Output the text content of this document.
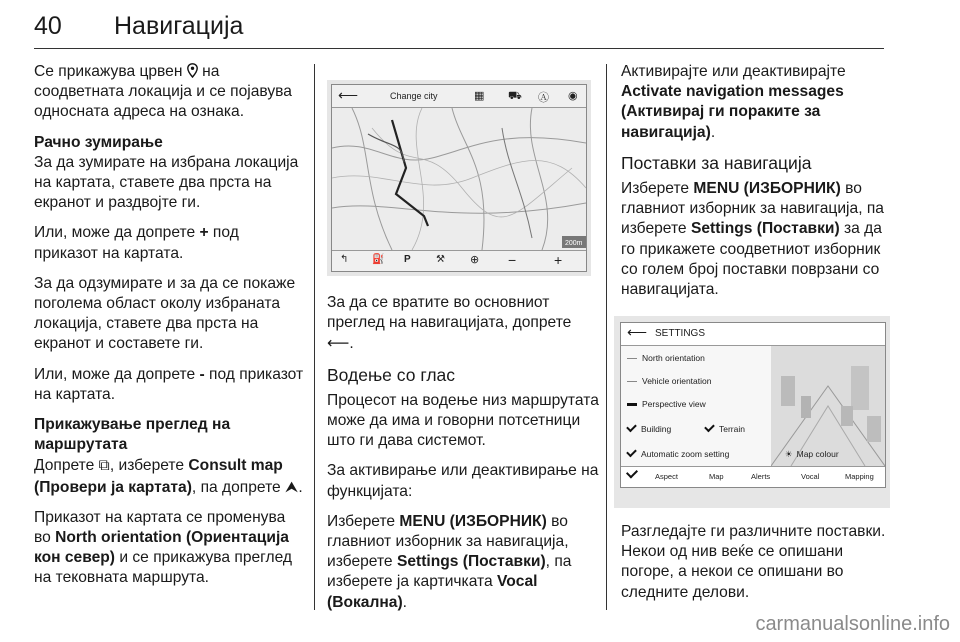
40 Навигација

Се прикажува црвен на соодветната локација и се појавува односната адреса на ознака.

Рачно зумирање

За да зумирате на избрана локација на картата, ставете два прста на екранот и раздвојте ги.

Или, може да допрете + под приказот на картата.

За да одзумирате и за да се покаже поголема област околу избраната локација, ставете два прста на екранот и составете ги.

Или, може да допрете - под приказот на картата.

Прикажување преглед на маршрутата

Допрете ⧉, изберете Consult map (Провери ја картата), па допрете ⮝.

Приказот на картата се променува во North orientation (Ориентација кон север) и се прикажува преглед на тековната маршрута.

⟵	Change city	▦ ⛟ Ⓐ ◉
200m
↰ ⛽ P	⚒ ⊕ −	+

За да се вратите во основниот преглед на навигацијата, допрете ⟵.

Водење со глас

Процесот на водење низ маршрутата може да има и говорни потсетници што ги дава системот.

За активирање или деактивирање на функцијата:

Изберете MENU (ИЗБОРНИК) во главниот изборник за навигација, изберете Settings (Поставки), па изберете ја картичката Vocal (Вокална).

Активирајте или деактивирајте Activate navigation messages (Активирај ги пораките за навигација).

Поставки за навигација

Изберете MENU (ИЗБОРНИК) во главниот изборник за навигација, па изберете Settings (Поставки) за да го прикажете соодветниот изборник со голем број поставки поврзани со навигацијата.

⟵ SETTINGS
North orientation
Vehicle orientation
Perspective view
Building	Terrain
Automatic zoom setting	☀ Map colour
Aspect	Map	Alerts	Vocal	Mapping

Разгледајте ги различните поставки. Некои од нив веќе се опишани погоре, а некои се опишани во следните делови.

carmanualsonline.info
